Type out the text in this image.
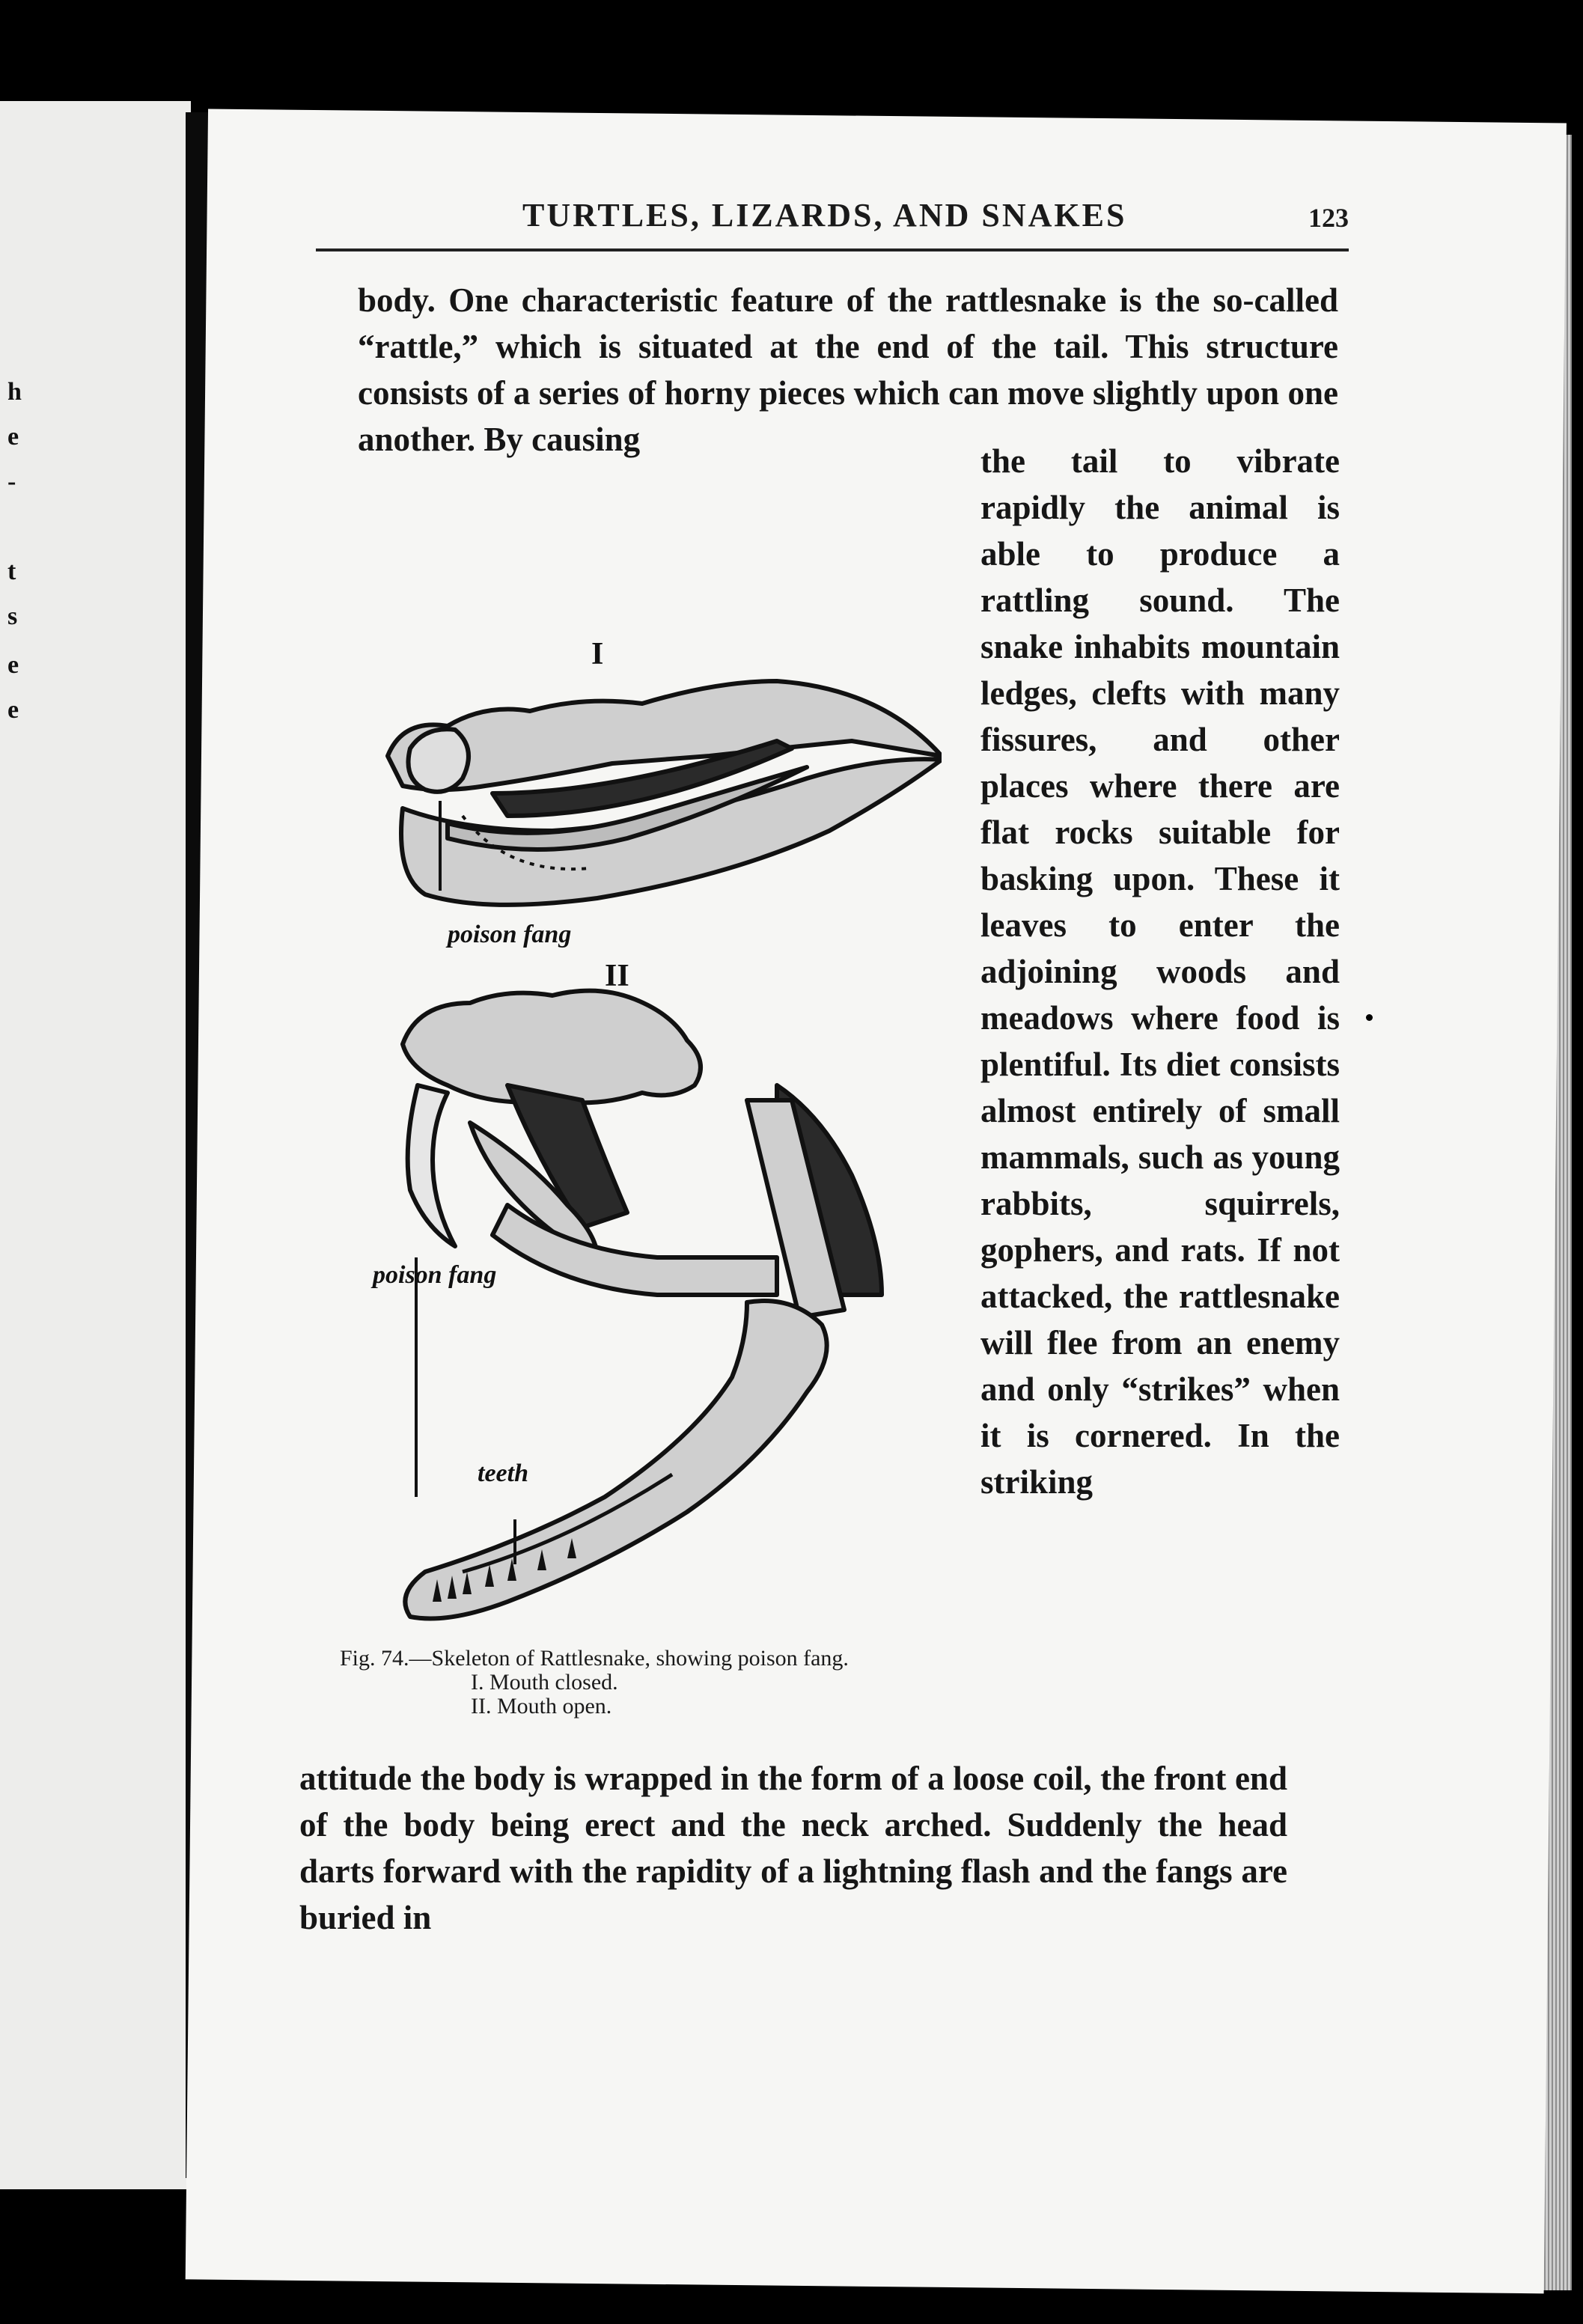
h
e
-
t
s
e
e
TURTLES, LIZARDS, AND SNAKES	123

body. One characteristic feature of the rattlesnake is the so-called “rattle,” which is situated at the end of the tail. This structure consists of a series of horny pieces which can move slightly upon one another. By causing

the tail to vibrate rapidly the animal is able to produce a rattling sound. The snake inhabits mountain ledges, clefts with many fissures, and other places where there are flat rocks suitable for basking upon. These it leaves to enter the adjoining woods and meadows where food is plentiful. Its diet consists almost entirely of small mammals, such as young rabbits, squirrels, gophers, and rats. If not attacked, the rattlesnake will flee from an enemy and only “strikes” when it is cornered. In the striking

attitude the body is wrapped in the form of a loose coil, the front end of the body being erect and the neck arched. Suddenly the head darts forward with the rapidity of a lightning flash and the fangs are buried in

I
poison fang
II
poison fang
teeth
Fig. 74.—Skeleton of Rattlesnake, showing poison fang.
I. Mouth closed.
II. Mouth open.
